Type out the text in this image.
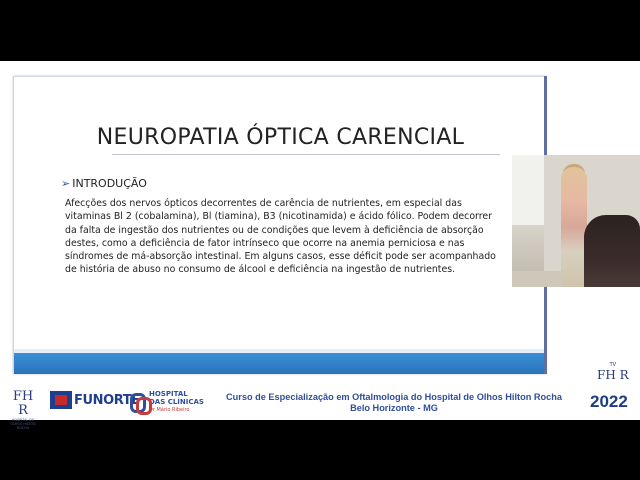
NEUROPATIA ÓPTICA CARENCIAL
➢ INTRODUÇÃO
Afecções dos nervos ópticos decorrentes de carência de nutrientes, em especial das vitaminas Bl 2 (cobalamina), Bl (tiamina), B3 (nicotinamida) e ácido fólico. Podem decorrer da falta de ingestão dos nutrientes ou de condições que levem à deficiência de absorção destes, como a deficiência de fator intrínseco que ocorre na anemia perniciosa e nas síndromes de má-absorção intestinal. Em alguns casos, esse déficit pode ser acompanhado de história de abuso no consumo de álcool e deficiência na ingestão de nutrientes.
TV
FH R
FH R
HOSPITAL DE OLHOS HILTON ROCHA
FUNORTE HOSPITAL
DAS CLÍNICAS
Dr Mário Ribeiro
Curso de Especialização em Oftalmologia do Hospital de Olhos Hilton Rocha
Belo Horizonte - MG	2022
